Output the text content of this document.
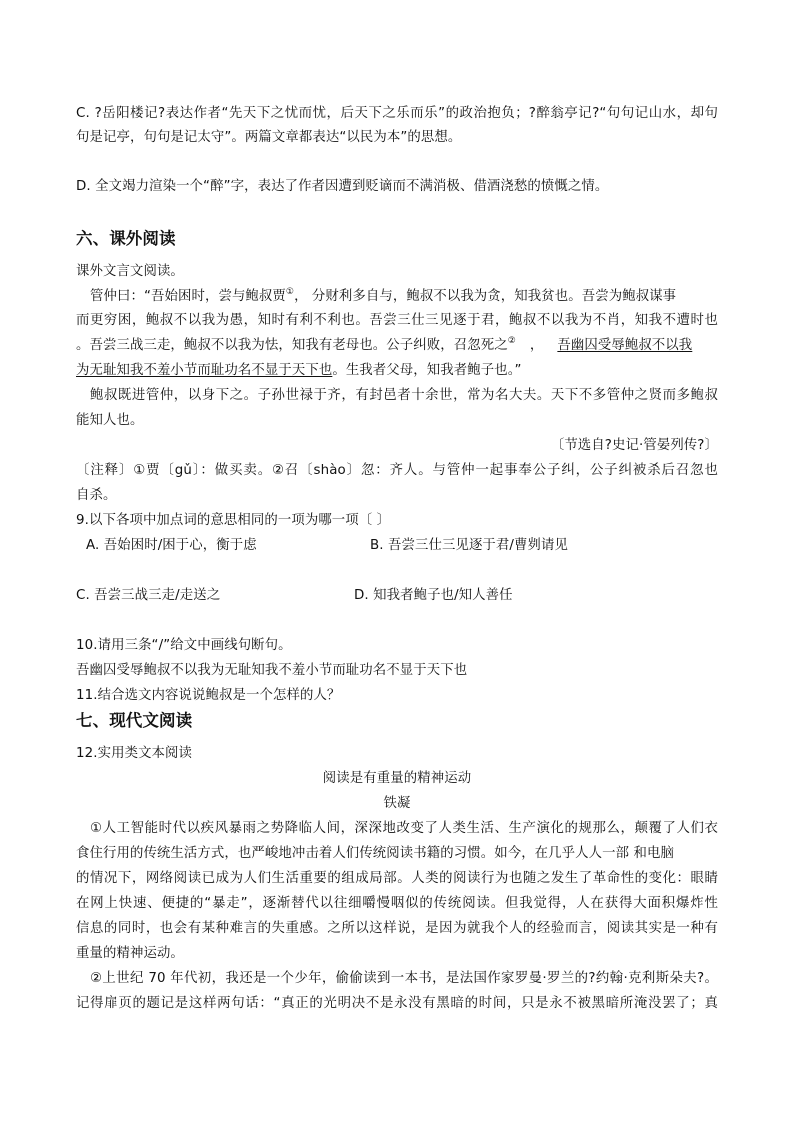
C. ?岳阳楼记?表达作者“先天下之忧而忧，后天下之乐而乐”的政治抱负；?醉翁亭记?“句句记山水，却句
句是记亭，句句是记太守”。两篇文章都表达“以民为本”的思想。
D. 全文竭力渲染一个“醉”字，表达了作者因遭到贬谪而不满消极、借酒浇愁的愤慨之情。
六、课外阅读
课外文言文阅读。
管仲曰：“吾始困时，尝与鲍叔贾①， 分财利多自与，鲍叔不以我为贪，知我贫也。吾尝为鲍叔谋事
而更穷困，鲍叔不以我为愚，知时有利不利也。吾尝三仕三见逐于君，鲍叔不以我为不肖，知我不遭时也
。吾尝三战三走，鲍叔不以我为怯，知我有老母也。公子纠败，召忽死之② ， 吾幽囚受辱鲍叔不以我
为无耻知我不羞小节而耻功名不显于天下也。生我者父母，知我者鲍子也。”
鲍叔既进管仲，以身下之。子孙世禄于齐，有封邑者十余世，常为名大夫。天下不多管仲之贤而多鲍叔
能知人也。
〔节选自?史记·管晏列传?〕
〔注释〕①贾〔gǔ〕：做买卖。②召〔shào〕忽：齐人。与管仲一起事奉公子纠，公子纠被杀后召忽也
自杀。
9.以下各项中加点词的意思相同的一项为哪一项〔 〕
A. 吾始困时/困于心，衡于虑	B. 吾尝三仕三见逐于君/曹刿请见
C. 吾尝三战三走/走送之	D. 知我者鲍子也/知人善任
10.请用三条“/”给文中画线句断句。
吾幽囚受辱鲍叔不以我为无耻知我不羞小节而耻功名不显于天下也
11.结合选文内容说说鲍叔是一个怎样的人？
七、现代文阅读
12.实用类文本阅读
阅读是有重量的精神运动
铁凝
①人工智能时代以疾风暴雨之势降临人间，深深地改变了人类生活、生产演化的规那么，颠覆了人们衣
食住行用的传统生活方式，也严峻地冲击着人们传统阅读书籍的习惯。如今，在几乎人人一部 和电脑
的情况下，网络阅读已成为人们生活重要的组成局部。人类的阅读行为也随之发生了革命性的变化：眼睛
在网上快速、便捷的“暴走”，逐渐替代以往细嚼慢咽似的传统阅读。但我觉得，人在获得大面积爆炸性
信息的同时，也会有某种难言的失重感。之所以这样说，是因为就我个人的经验而言，阅读其实是一种有
重量的精神运动。
②上世纪 70 年代初，我还是一个少年，偷偷读到一本书，是法国作家罗曼·罗兰的?约翰·克利斯朵夫?。
记得扉页的题记是这样两句话：“真正的光明决不是永没有黑暗的时间，只是永不被黑暗所淹没罢了；真
